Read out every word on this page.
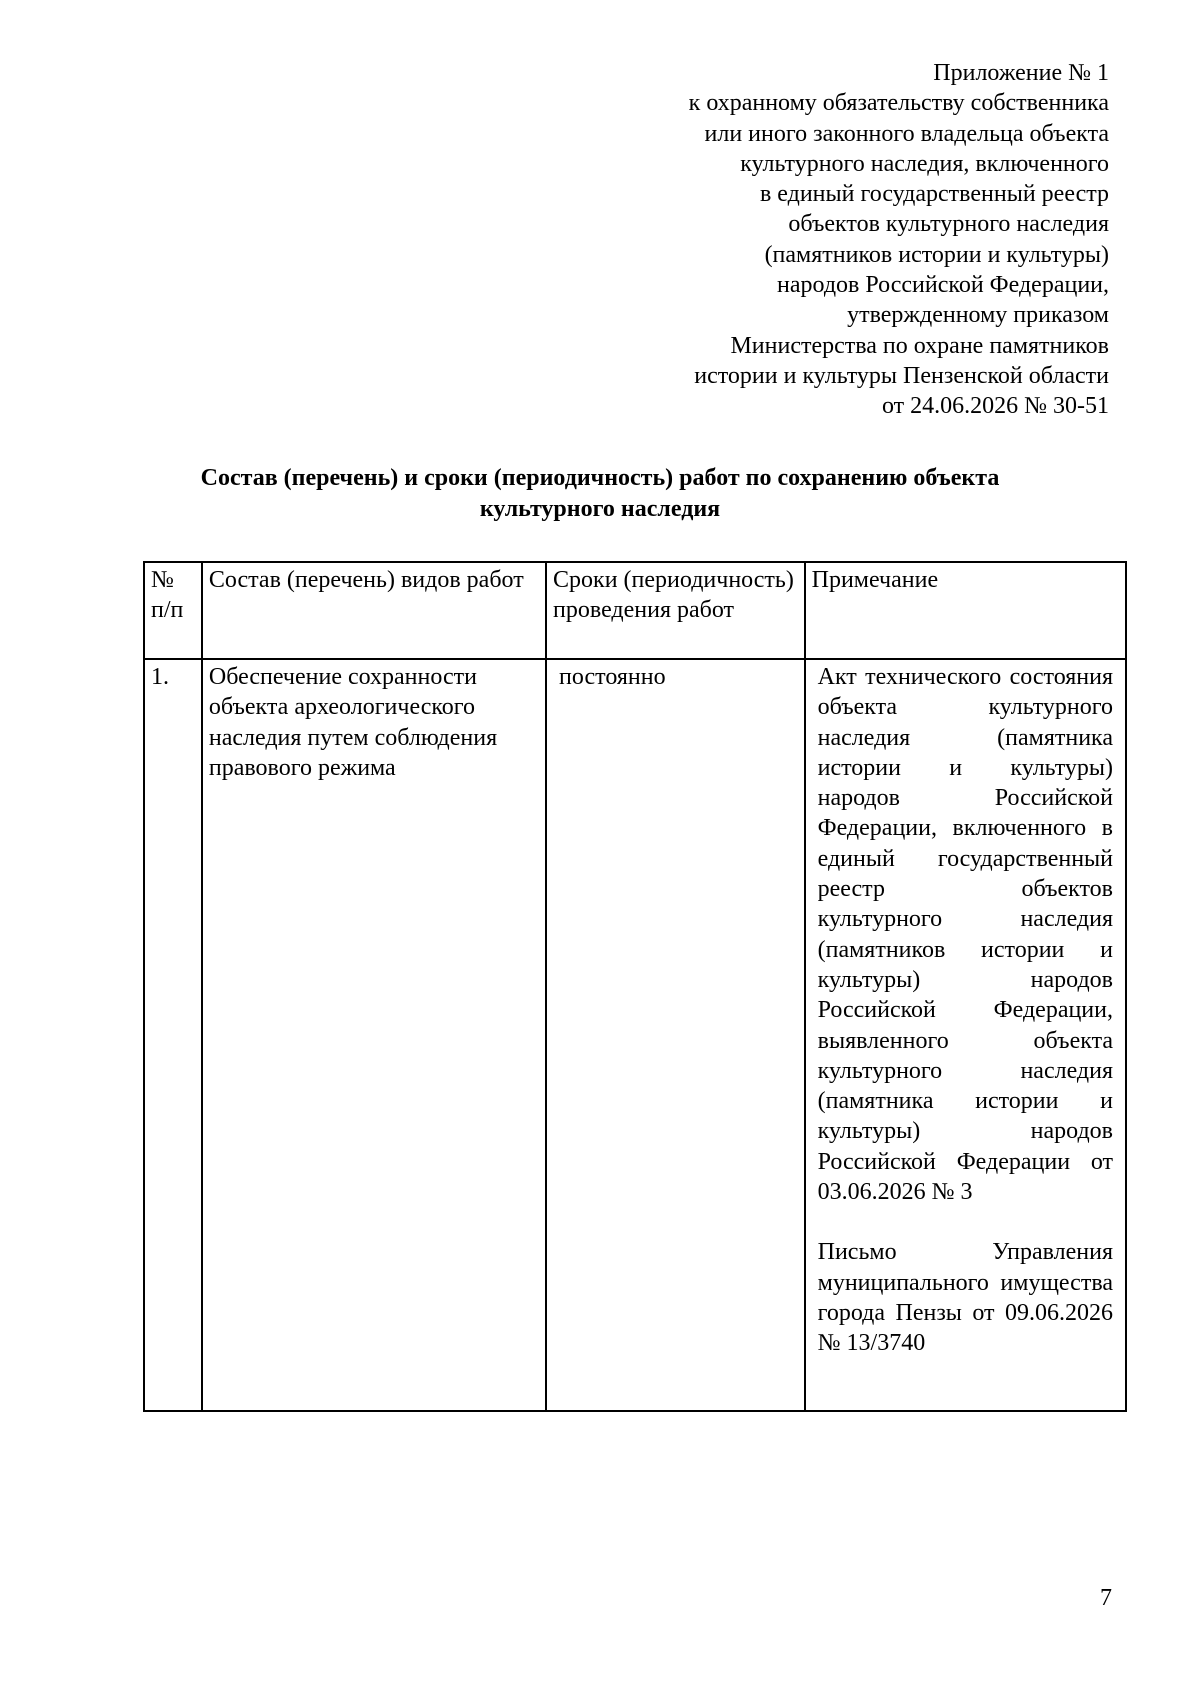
Приложение № 1
к охранному обязательству собственника
или иного законного владельца объекта
культурного наследия, включенного
в единый государственный реестр
объектов культурного наследия
(памятников истории и культуры)
народов Российской Федерации,
утвержденному приказом
Министерства по охране памятников
истории и культуры Пензенской области
от 24.06.2026 № 30-51
Состав (перечень) и сроки (периодичность) работ по сохранению объекта
культурного наследия
№
п/п	Состав (перечень) видов работ	Сроки (периодичность) проведения работ	Примечание
1.	Обеспечение сохранности объекта археологического наследия путем соблюдения правового режима	постоянно	Акт технического состояния объекта культурного наследия (памятника истории и культуры) народов Российской Федерации, включенного в единый государственный реестр объектов культурного наследия (памятников истории и культуры) народов Российской Федерации, выявленного объекта культурного наследия (памятника истории и культуры) народов Российской Федерации от 03.06.2026 № 3
Письмо Управления муниципального имущества города Пензы от 09.06.2026 № 13/3740
7
